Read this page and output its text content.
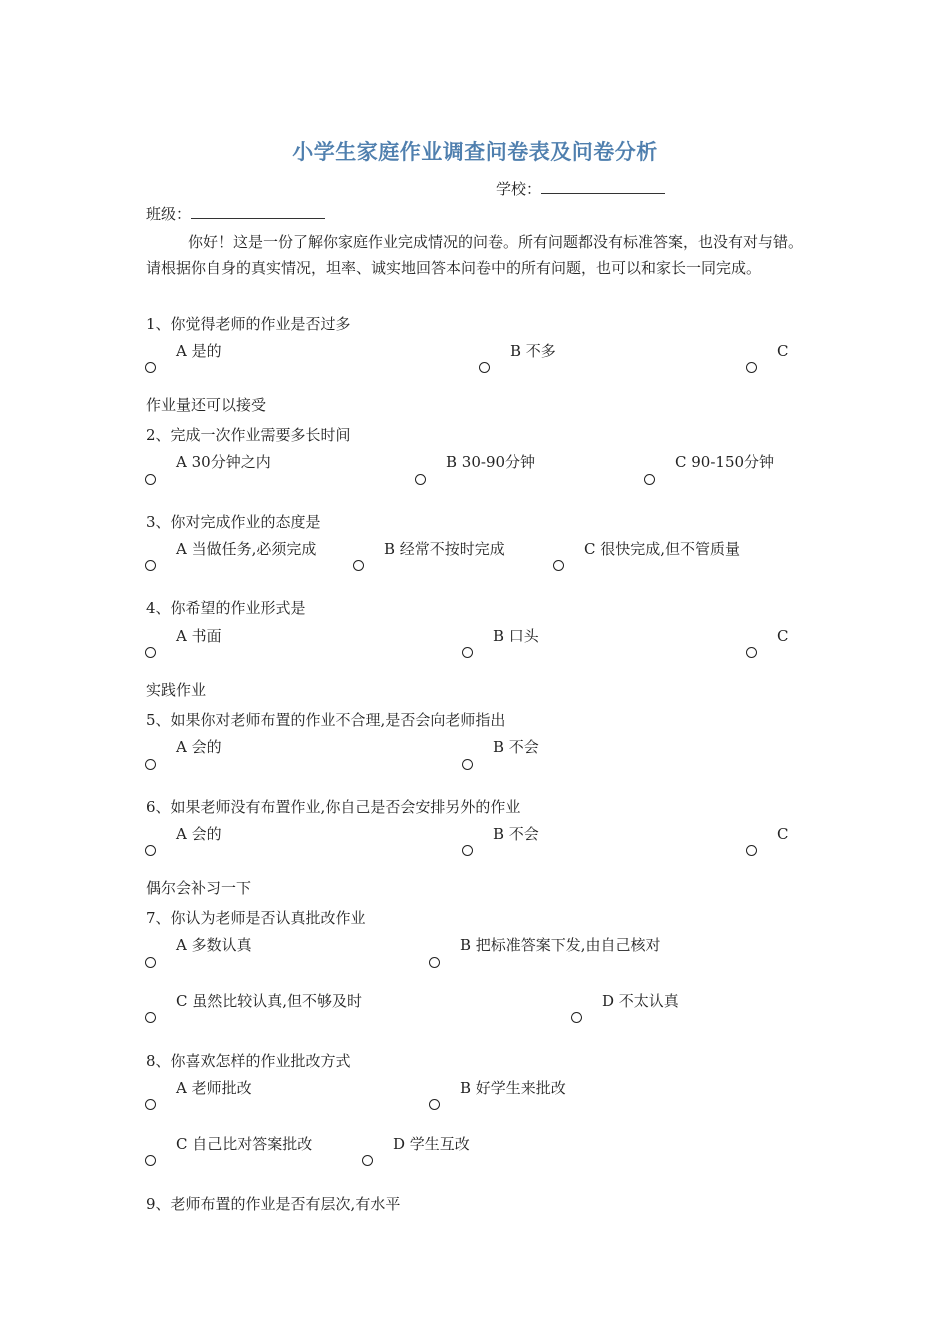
小学生家庭作业调查问卷表及问卷分析
学校：
班级：
你好！这是一份了解你家庭作业完成情况的问卷。所有问题都没有标准答案，也没有对与错。请根据你自身的真实情况，坦率、诚实地回答本问卷中的所有问题，也可以和家长一同完成。
1、你觉得老师的作业是否过多
A 是的	B 不多	C
作业量还可以接受
2、完成一次作业需要多长时间
A 30分钟之内	B 30-90分钟	C 90-150分钟
3、你对完成作业的态度是
A 当做任务,必须完成	B 经常不按时完成	C 很快完成,但不管质量
4、你希望的作业形式是
A 书面	B 口头	C
实践作业
5、如果你对老师布置的作业不合理,是否会向老师指出
A 会的	B 不会
6、如果老师没有布置作业,你自己是否会安排另外的作业
A 会的	B 不会	C
偶尔会补习一下
7、你认为老师是否认真批改作业
A 多数认真	B 把标准答案下发,由自己核对
C 虽然比较认真,但不够及时	D 不太认真
8、你喜欢怎样的作业批改方式
A 老师批改	B 好学生来批改
C 自己比对答案批改	D 学生互改
9、老师布置的作业是否有层次,有水平
